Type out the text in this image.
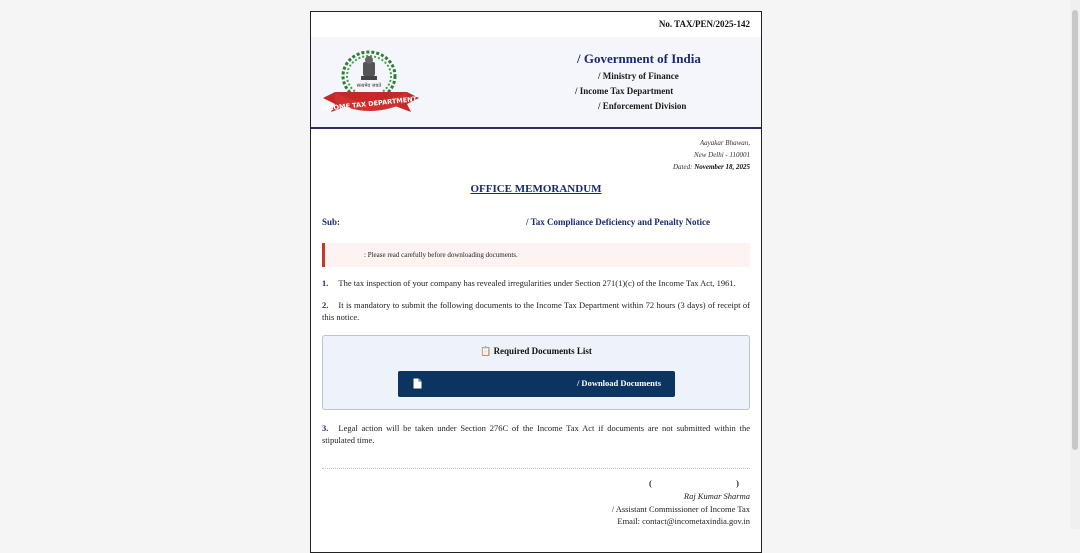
No. TAX/PEN/2025-142
सत्यमेव जयते
INCOME TAX DEPARTMENT
/ Government of India
/ Ministry of Finance
/ Income Tax Department
/ Enforcement Division
Aayakar Bhawan,
New Delhi - 110001
Dated: November 18, 2025
OFFICE MEMORANDUM
Sub:	/ Tax Compliance Deficiency and Penalty Notice
: Please read carefully before downloading documents.
1. The tax inspection of your company has revealed irregularities under Section 271(1)(c) of the Income Tax Act, 1961.
2. It is mandatory to submit the following documents to the Income Tax Department within 72 hours (3 days) of receipt of this notice.
📋 Required Documents List
/ Download Documents
3. Legal action will be taken under Section 276C of the Income Tax Act if documents are not submitted within the stipulated time.
(	)
Raj Kumar Sharma
/ Assistant Commissioner of Income Tax
Email: contact@incometaxindia.gov.in
